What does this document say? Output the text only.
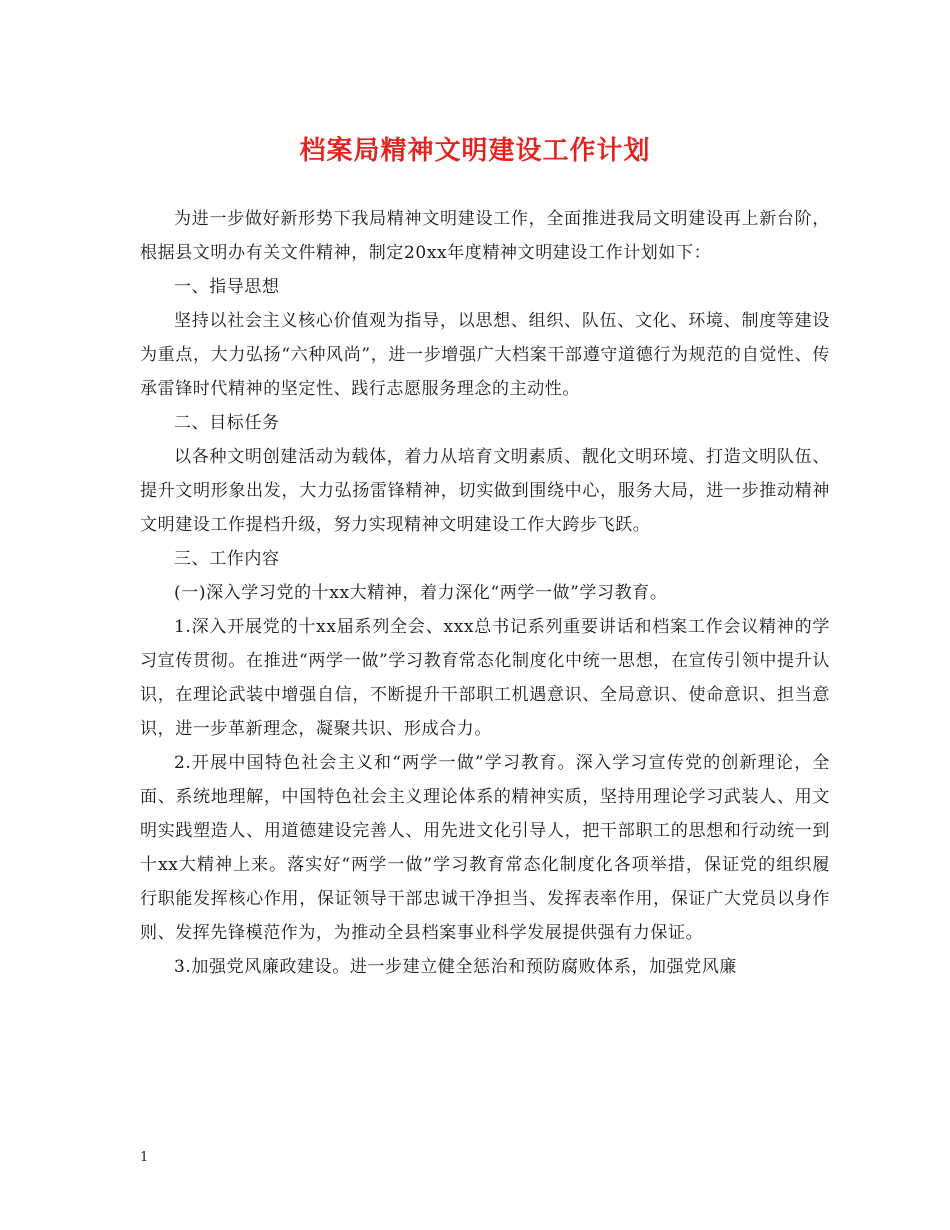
档案局精神文明建设工作计划

为进一步做好新形势下我局精神文明建设工作，全面推进我局文明建设再上新台阶，根据县文明办有关文件精神，制定20xx年度精神文明建设工作计划如下：

一、指导思想

坚持以社会主义核心价值观为指导，以思想、组织、队伍、文化、环境、制度等建设为重点，大力弘扬“六种风尚”，进一步增强广大档案干部遵守道德行为规范的自觉性、传承雷锋时代精神的坚定性、践行志愿服务理念的主动性。

二、目标任务

以各种文明创建活动为载体，着力从培育文明素质、靓化文明环境、打造文明队伍、提升文明形象出发，大力弘扬雷锋精神，切实做到围绕中心，服务大局，进一步推动精神文明建设工作提档升级，努力实现精神文明建设工作大跨步飞跃。

三、工作内容

(一)深入学习党的十xx大精神，着力深化“两学一做”学习教育。

1.深入开展党的十xx届系列全会、xxx总书记系列重要讲话和档案工作会议精神的学习宣传贯彻。在推进“两学一做”学习教育常态化制度化中统一思想，在宣传引领中提升认识，在理论武装中增强自信，不断提升干部职工机遇意识、全局意识、使命意识、担当意识，进一步革新理念，凝聚共识、形成合力。

2.开展中国特色社会主义和“两学一做”学习教育。深入学习宣传党的创新理论，全面、系统地理解，中国特色社会主义理论体系的精神实质，坚持用理论学习武装人、用文明实践塑造人、用道德建设完善人、用先进文化引导人，把干部职工的思想和行动统一到十xx大精神上来。落实好“两学一做”学习教育常态化制度化各项举措，保证党的组织履行职能发挥核心作用，保证领导干部忠诚干净担当、发挥表率作用，保证广大党员以身作则、发挥先锋模范作为，为推动全县档案事业科学发展提供强有力保证。

3.加强党风廉政建设。进一步建立健全惩治和预防腐败体系，加强党风廉

1
